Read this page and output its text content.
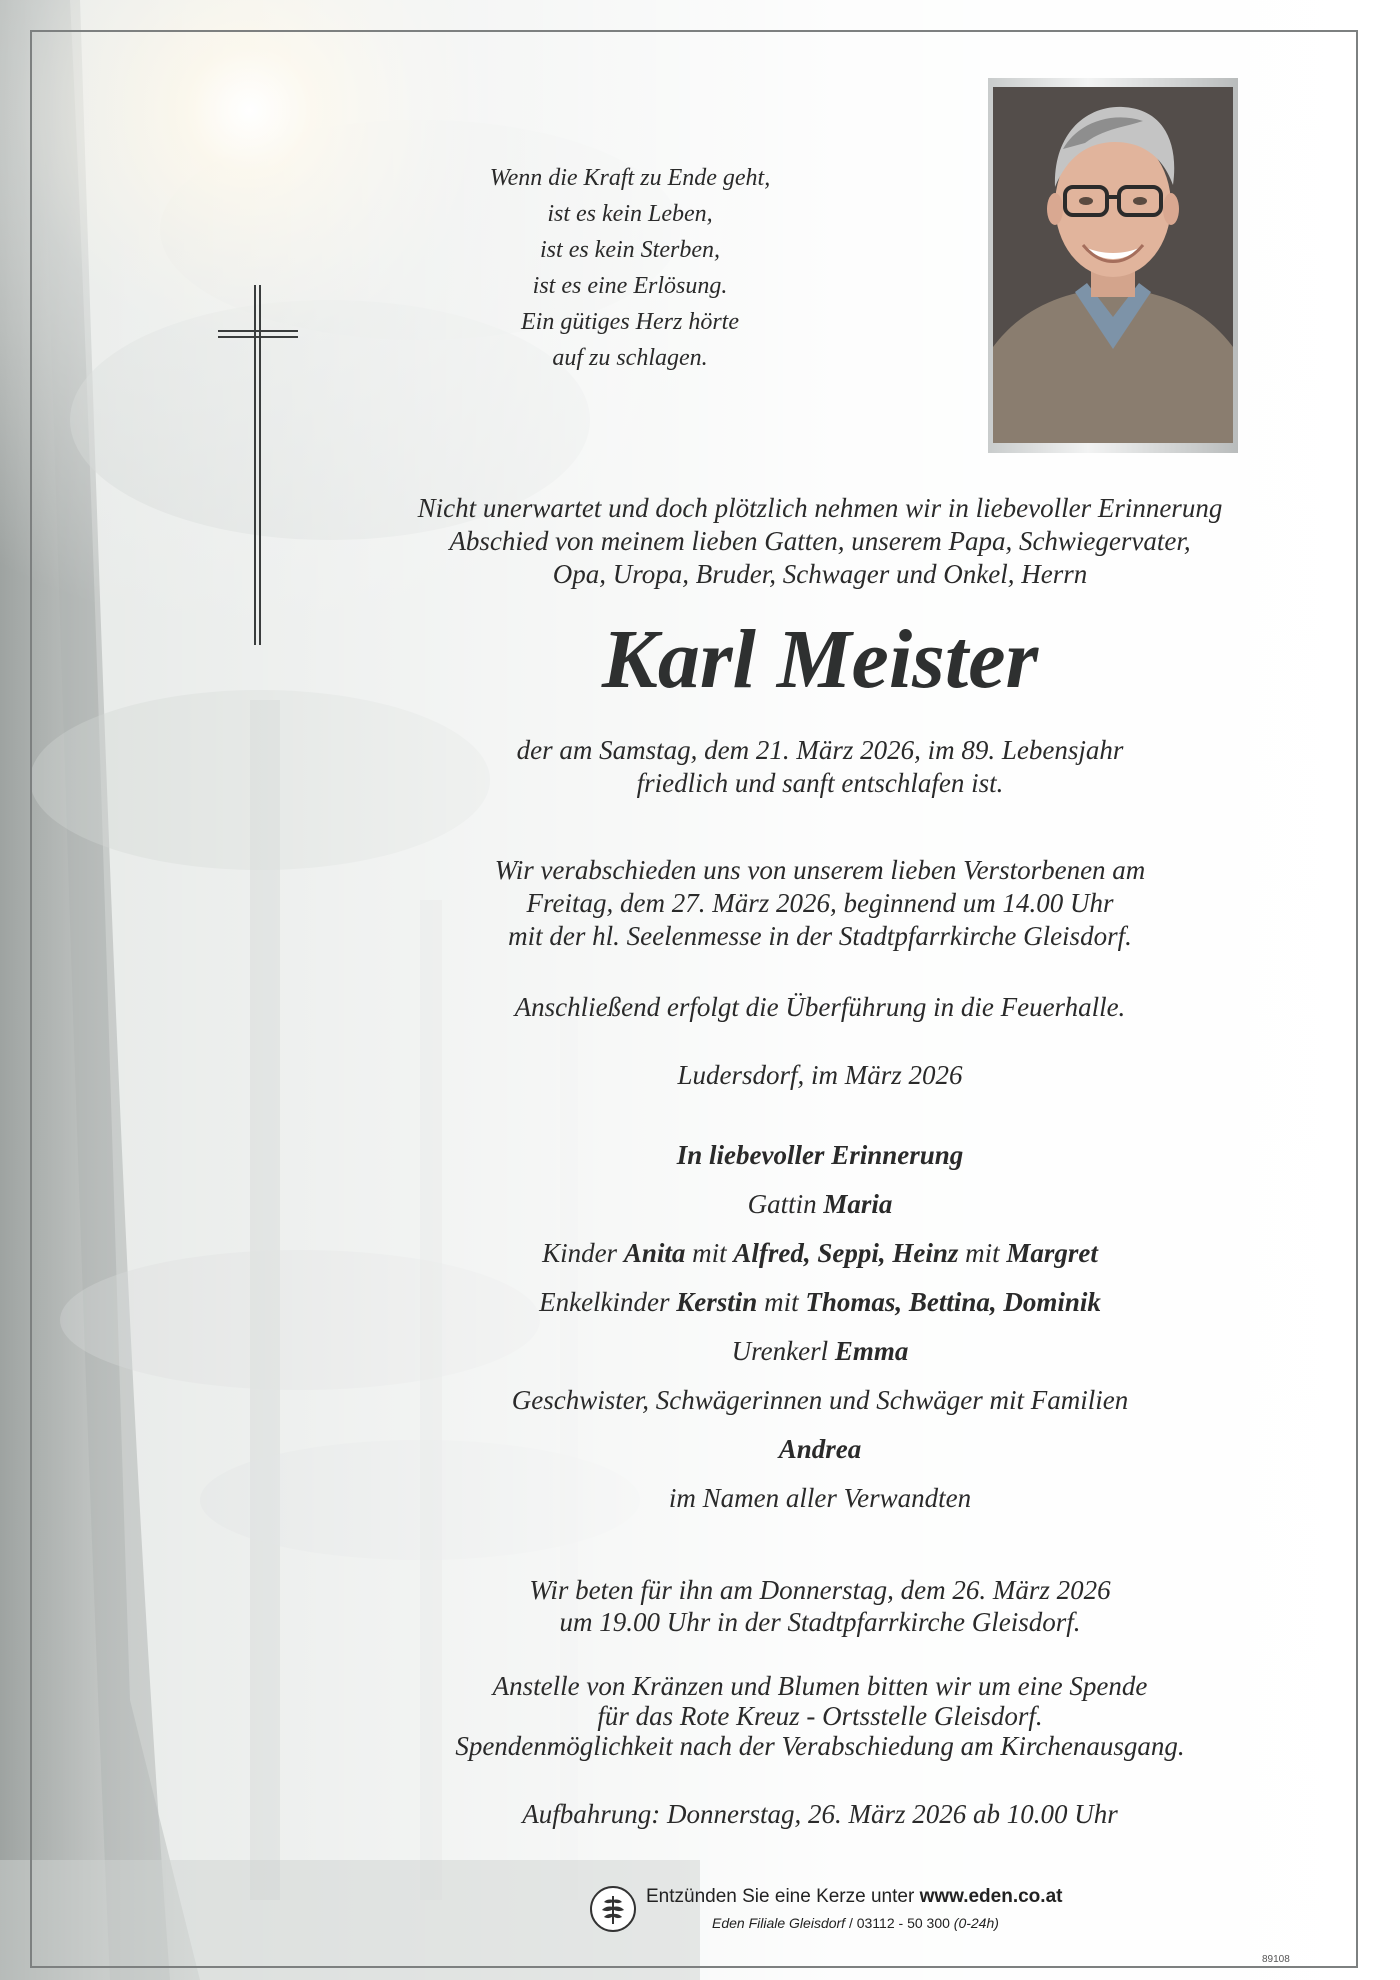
Wenn die Kraft zu Ende geht,
ist es kein Leben,
ist es kein Sterben,
ist es eine Erlösung.
Ein gütiges Herz hörte
auf zu schlagen.
Nicht unerwartet und doch plötzlich nehmen wir in liebevoller Erinnerung
Abschied von meinem lieben Gatten, unserem Papa, Schwiegervater,
Opa, Uropa, Bruder, Schwager und Onkel, Herrn
Karl Meister
der am Samstag, dem 21. März 2026, im 89. Lebensjahr
friedlich und sanft entschlafen ist.
Wir verabschieden uns von unserem lieben Verstorbenen am
Freitag, dem 27. März 2026, beginnend um 14.00 Uhr
mit der hl. Seelenmesse in der Stadtpfarrkirche Gleisdorf.
Anschließend erfolgt die Überführung in die Feuerhalle.
Ludersdorf, im März 2026
In liebevoller Erinnerung
Gattin Maria
Kinder Anita mit Alfred, Seppi, Heinz mit Margret
Enkelkinder Kerstin mit Thomas, Bettina, Dominik
Urenkerl Emma
Geschwister, Schwägerinnen und Schwäger mit Familien
Andrea
im Namen aller Verwandten
Wir beten für ihn am Donnerstag, dem 26. März 2026
um 19.00 Uhr in der Stadtpfarrkirche Gleisdorf.
Anstelle von Kränzen und Blumen bitten wir um eine Spende
für das Rote Kreuz - Ortsstelle Gleisdorf.
Spendenmöglichkeit nach der Verabschiedung am Kirchenausgang.
Aufbahrung: Donnerstag, 26. März 2026 ab 10.00 Uhr
Entzünden Sie eine Kerze unter www.eden.co.at
Eden Filiale Gleisdorf / 03112 - 50 300 (0-24h)
89108
